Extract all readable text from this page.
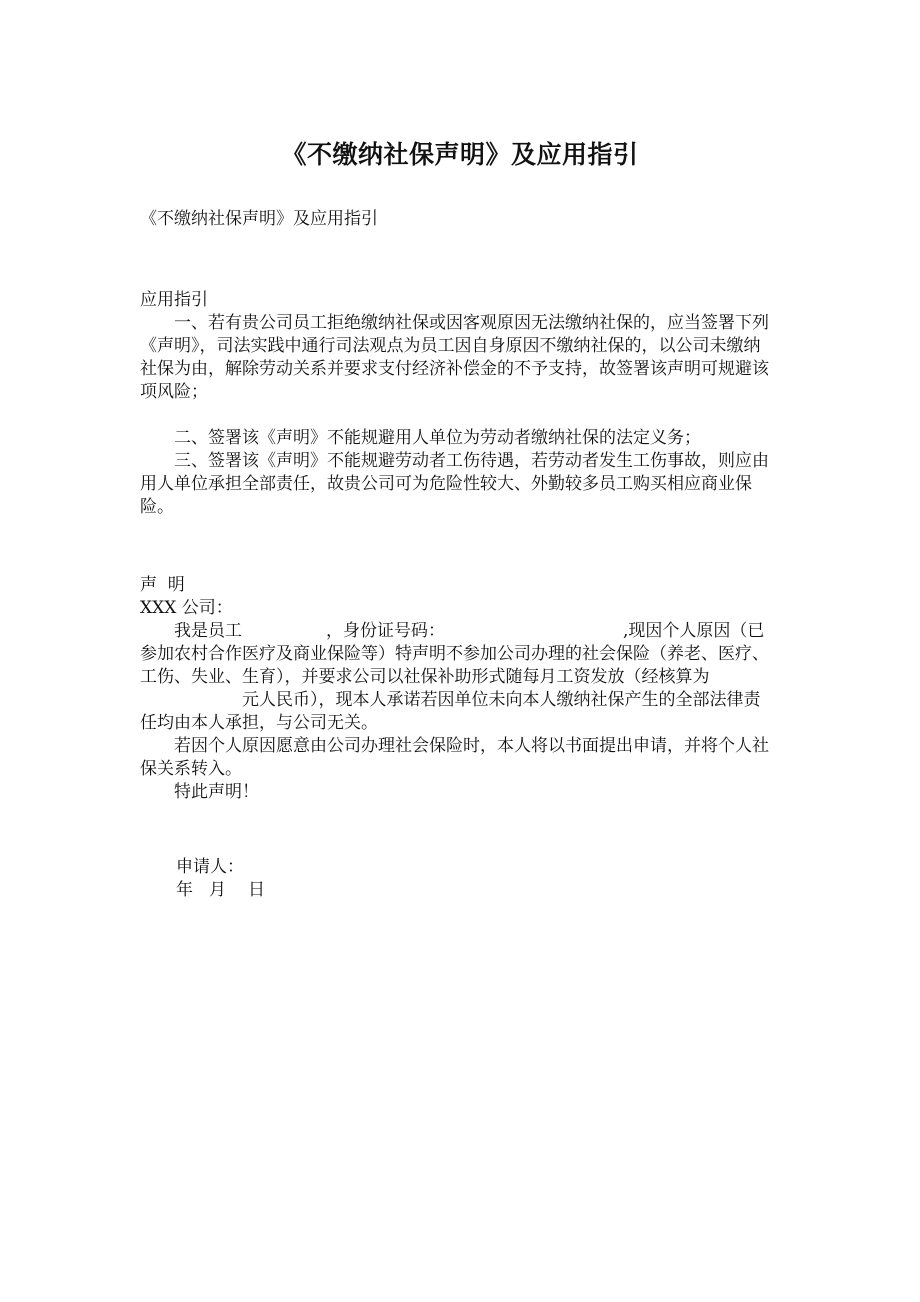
《不缴纳社保声明》及应用指引

《不缴纳社保声明》及应用指引

应用指引

一、若有贵公司员工拒绝缴纳社保或因客观原因无法缴纳社保的，应当签署下列《声明》，司法实践中通行司法观点为员工因自身原因不缴纳社保的，以公司未缴纳社保为由，解除劳动关系并要求支付经济补偿金的不予支持，故签署该声明可规避该项风险；

二、签署该《声明》不能规避用人单位为劳动者缴纳社保的法定义务；

三、签署该《声明》不能规避劳动者工伤待遇，若劳动者发生工伤事故，则应由用人单位承担全部责任，故贵公司可为危险性较大、外勤较多员工购买相应商业保险。

声  明

XXX 公司：

我是员工	，身份证号码：	,现因个人原因（已参加农村合作医疗及商业保险等）特声明不参加公司办理的社会保险（养老、医疗、工伤、失业、生育），并要求公司以社保补助形式随每月工资发放（经核算为元人民币），现本人承诺若因单位未向本人缴纳社保产生的全部法律责任均由本人承担，与公司无关。

若因个人原因愿意由公司办理社会保险时，本人将以书面提出申请，并将个人社保关系转入。

特此声明！

申请人：

年 月 日
